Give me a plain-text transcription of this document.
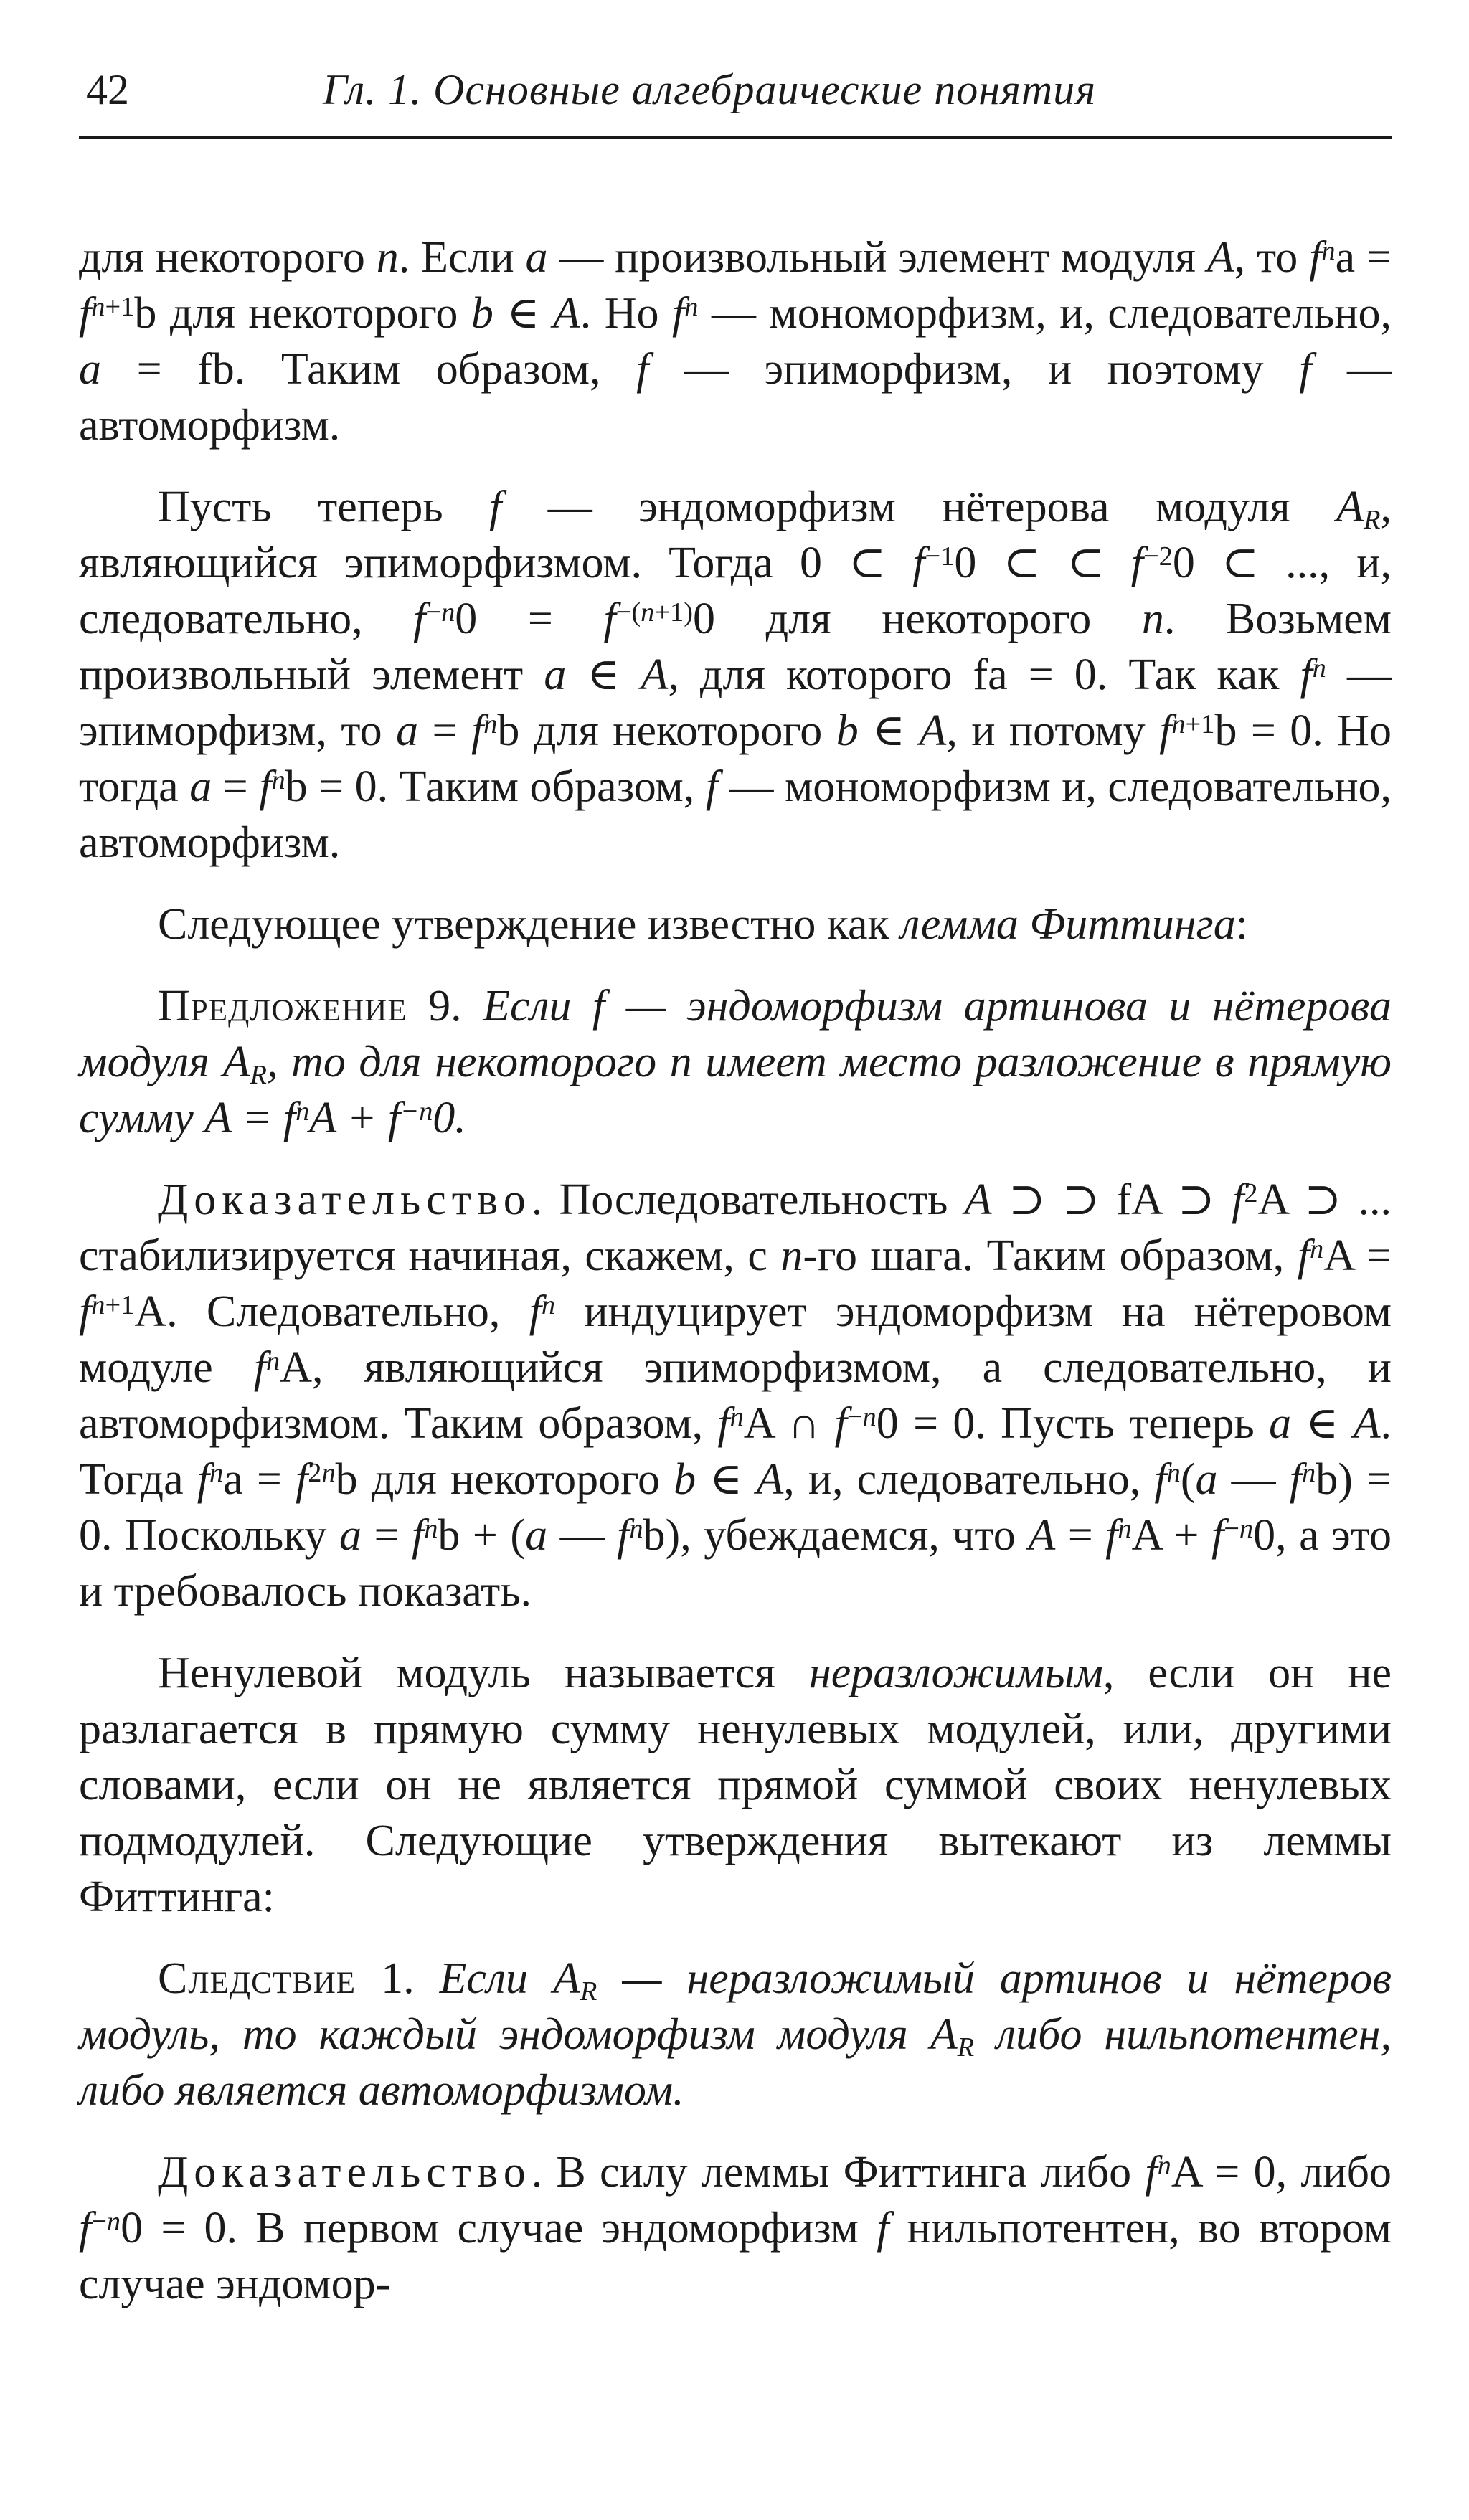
42	Гл. 1. Основные алгебраические понятия

для некоторого n. Если a — произвольный элемент модуля A, то $f^na = f^{n+1}b$ для некоторого b ∈ A. Но $f^n$ — мономорфизм, и, следовательно, a = fb. Таким образом, f — эпиморфизм, и поэтому f — автоморфизм.

Пусть теперь f — эндоморфизм нётерова модуля $A_R$, являющийся эпиморфизмом. Тогда 0 ⊂ $f^{-1}0$ ⊂ ⊂ $f^{-2}0$ ⊂ ..., и, следовательно, $f^{-n}0 = f^{-(n+1)}0$ для некоторого n. Возьмем произвольный элемент a ∈ A, для которого fa = 0. Так как $f^n$ — эпиморфизм, то $a = f^nb$ для некоторого b ∈ A, и потому $f^{n+1}b = 0$. Но тогда $a = f^nb = 0$. Таким образом, f — мономорфизм и, следовательно, автоморфизм.

Следующее утверждение известно как лемма Фиттинга:

Предложение 9. Если f — эндоморфизм артинова и нётерова модуля $A_R$, то для некоторого n имеет место разложение в прямую сумму $A = f^nA + f^{-n}0$.

Доказательство. Последовательность A ⊃ ⊃ fA ⊃ $f^2A$ ⊃ ... стабилизируется начиная, скажем, с n-го шага. Таким образом, $f^nA = f^{n+1}A$. Следовательно, $f^n$ индуцирует эндоморфизм на нётеровом модуле $f^nA$, являющийся эпиморфизмом, а следовательно, и автоморфизмом. Таким образом, $f^nA$ ∩ $f^{-n}0 = 0$. Пусть теперь a ∈ A. Тогда $f^na = f^{2n}b$ для некоторого b ∈ A, и, следовательно, $f^n(a$ — $f^nb) = 0$. Поскольку $a = f^nb + (a$ — $f^nb$), убеждаемся, что $A = f^nA + f^{-n}0$, а это и требовалось показать.

Ненулевой модуль называется неразложимым, если он не разлагается в прямую сумму ненулевых модулей, или, другими словами, если он не является прямой суммой своих ненулевых подмодулей. Следующие утверждения вытекают из леммы Фиттинга:

Следствие 1. Если $A_R$ — неразложимый артинов и нётеров модуль, то каждый эндоморфизм модуля $A_R$ либо нильпотентен, либо является автоморфизмом.

Доказательство. В силу леммы Фиттинга либо $f^nA = 0$, либо $f^{-n}0 = 0$. В первом случае эндоморфизм f нильпотентен, во втором случае эндомор-
